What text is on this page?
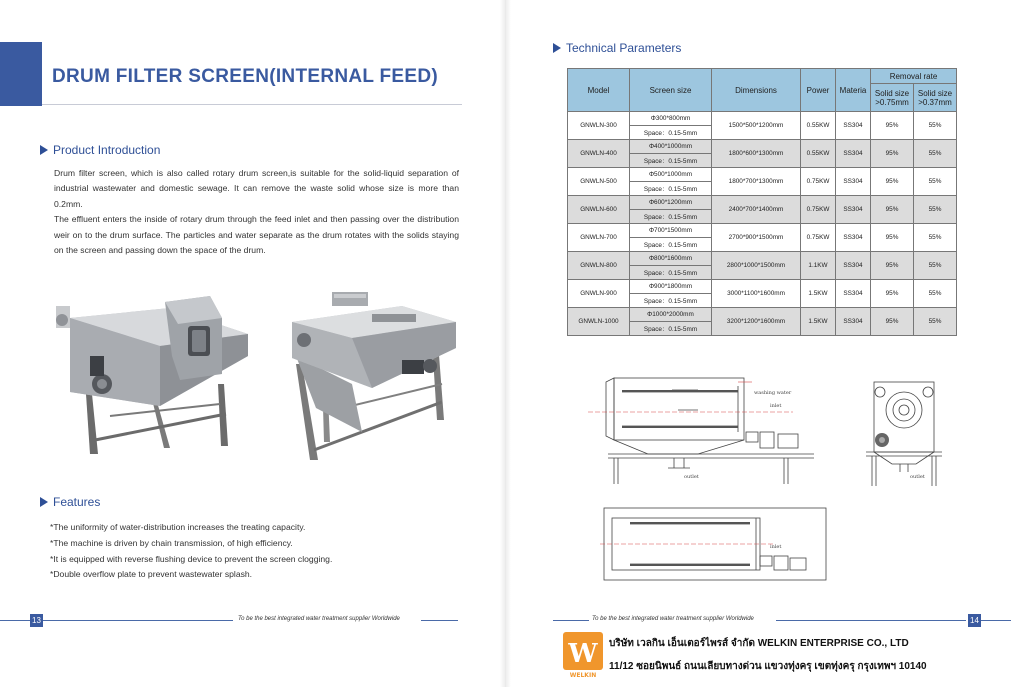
DRUM FILTER SCREEN(INTERNAL FEED)
Product Introduction

Drum filter screen, which is also called rotary drum screen,is suitable for the solid-liquid separation of industrial wastewater and domestic sewage. It can remove the waste solid whose size is more than 0.2mm.

The effluent enters the inside of rotary drum through the feed inlet and then passing over the distribution weir on to the drum surface. The particles and water separate as the drum rotates with the solids staying on the screen and passing down the space of the drum.

Features
*The uniformity of water-distribution increases the treating capacity.
*The machine is driven by chain transmission, of high efficiency.
*It is equipped with reverse flushing device to prevent the screen clogging.
*Double overflow plate to prevent wastewater splash.
13	To be the best integrated water treatment supplier Worldwide
Technical Parameters
Model	Screen size	Dimensions	Power	Materia	Removal rate	
					Solid size >0.75mm	Solid size >0.37mm
GNWLN-300	Φ300*800mm	1500*500*1200mm	0.55KW	SS304	95%	55%
	Space：0.15-5mm					
GNWLN-400	Φ400*1000mm	1800*600*1300mm	0.55KW	SS304	95%	55%
	Space：0.15-5mm					
GNWLN-500	Φ500*1000mm	1800*700*1300mm	0.75KW	SS304	95%	55%
	Space：0.15-5mm					
GNWLN-600	Φ600*1200mm	2400*700*1400mm	0.75KW	SS304	95%	55%
	Space：0.15-5mm					
GNWLN-700	Φ700*1500mm	2700*900*1500mm	0.75KW	SS304	95%	55%
	Space：0.15-5mm					
GNWLN-800	Φ800*1600mm	2800*1000*1500mm	1.1KW	SS304	95%	55%
	Space：0.15-5mm					
GNWLN-900	Φ900*1800mm	3000*1100*1600mm	1.5KW	SS304	95%	55%
	Space：0.15-5mm					
GNWLN-1000	Φ1000*2000mm	3200*1200*1600mm	1.5KW	SS304	95%	55%
	Space：0.15-5mm					
washing water
inlet
outlet	outlet
inlet
To be the best integrated water treatment supplier Worldwide	14
W
WELKIN
บริษัท เวลกิน เอ็นเตอร์ไพรส์ จำกัด WELKIN ENTERPRISE CO., LTD
11/12 ซอยนิพนธ์ ถนนเลียบทางด่วน แขวงทุ่งครุ เขตทุ่งครุ กรุงเทพฯ 10140
